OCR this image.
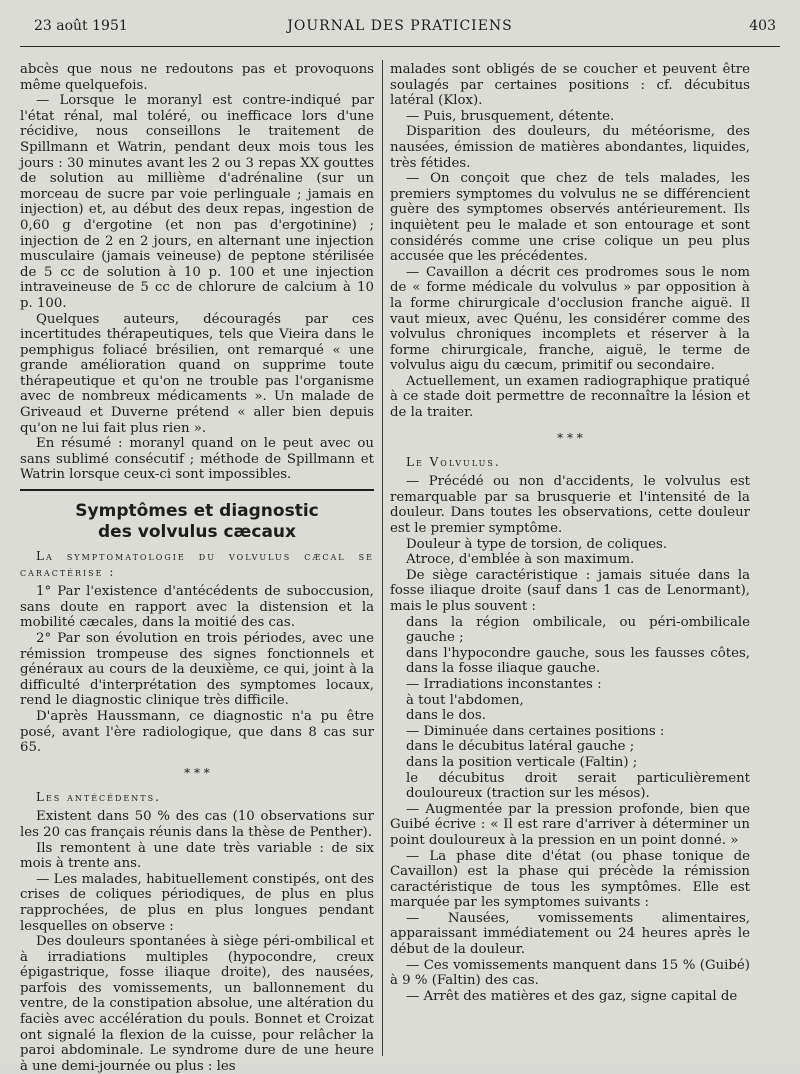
23 août 1951	JOURNAL DES PRATICIENS	403

abcès que nous ne redoutons pas et provoquons même quelquefois.

— Lorsque le moranyl est contre-indiqué par l'état rénal, mal toléré, ou inefficace lors d'une récidive, nous conseillons le traitement de Spillmann et Watrin, pendant deux mois tous les jours : 30 minutes avant les 2 ou 3 repas XX gouttes de solution au millième d'adrénaline (sur un morceau de sucre par voie perlinguale ; jamais en injection) et, au début des deux repas, ingestion de 0,60 g d'ergotine (et non pas d'ergotinine) ; injection de 2 en 2 jours, en alternant une injection musculaire (jamais veineuse) de peptone stérilisée de 5 cc de solution à 10 p. 100 et une injection intraveineuse de 5 cc de chlorure de calcium à 10 p. 100.

Quelques auteurs, découragés par ces incertitudes thérapeutiques, tels que Vieira dans le pemphigus foliacé brésilien, ont remarqué « une grande amélioration quand on supprime toute thérapeutique et qu'on ne trouble pas l'organisme avec de nombreux médicaments ». Un malade de Griveaud et Duverne prétend « aller bien depuis qu'on ne lui fait plus rien ».

En résumé : moranyl quand on le peut avec ou sans sublimé consécutif ; méthode de Spillmann et Watrin lorsque ceux-ci sont impossibles.

Symptômes et diagnostic
des volvulus cæcaux

La symptomatologie du volvulus cæcal se caractérise :

1° Par l'existence d'antécédents de suboccusion, sans doute en rapport avec la distension et la mobilité cæcales, dans la moitié des cas.

2° Par son évolution en trois périodes, avec une rémission trompeuse des signes fonctionnels et généraux au cours de la deuxième, ce qui, joint à la difficulté d'interprétation des symptomes locaux, rend le diagnostic clinique très difficile.

D'après Haussmann, ce diagnostic n'a pu être posé, avant l'ère radiologique, que dans 8 cas sur 65.

* * *

Les antécédents.

Existent dans 50 % des cas (10 observations sur les 20 cas français réunis dans la thèse de Penther).

Ils remontent à une date très variable : de six mois à trente ans.

— Les malades, habituellement constipés, ont des crises de coliques périodiques, de plus en plus rapprochées, de plus en plus longues pendant lesquelles on observe :

Des douleurs spontanées à siège péri-ombilical et à irradiations multiples (hypocondre, creux épigastrique, fosse iliaque droite), des nausées, parfois des vomissements, un ballonnement du ventre, de la constipation absolue, une altération du faciès avec accélération du pouls. Bonnet et Croizat ont signalé la flexion de la cuisse, pour relâcher la paroi abdominale. Le syndrome dure de une heure à une demi-journée ou plus : les

malades sont obligés de se coucher et peuvent être soulagés par certaines positions : cf. décubitus latéral (Klox).

— Puis, brusquement, détente.

Disparition des douleurs, du météorisme, des nausées, émission de matières abondantes, liquides, très fétides.

— On conçoit que chez de tels malades, les premiers symptomes du volvulus ne se différencient guère des symptomes observés antérieurement. Ils inquiètent peu le malade et son entourage et sont considérés comme une crise colique un peu plus accusée que les précédentes.

— Cavaillon a décrit ces prodromes sous le nom de « forme médicale du volvulus » par opposition à la forme chirurgicale d'occlusion franche aiguë. Il vaut mieux, avec Quénu, les considérer comme des volvulus chroniques incomplets et réserver à la forme chirurgicale, franche, aiguë, le terme de volvulus aigu du cæcum, primitif ou secondaire.

Actuellement, un examen radiographique pratiqué à ce stade doit permettre de reconnaître la lésion et de la traiter.

* * *

Le Volvulus.

— Précédé ou non d'accidents, le volvulus est remarquable par sa brusquerie et l'intensité de la douleur. Dans toutes les observations, cette douleur est le premier symptôme.

Douleur à type de torsion, de coliques.

Atroce, d'emblée à son maximum.

De siège caractéristique : jamais située dans la fosse iliaque droite (sauf dans 1 cas de Lenormant), mais le plus souvent :

dans la région ombilicale, ou péri-ombilicale gauche ;

dans l'hypocondre gauche, sous les fausses côtes, dans la fosse iliaque gauche.

— Irradiations inconstantes :

à tout l'abdomen,

dans le dos.

— Diminuée dans certaines positions :

dans le décubitus latéral gauche ;

dans la position verticale (Faltin) ;

le décubitus droit serait particulièrement douloureux (traction sur les mésos).

— Augmentée par la pression profonde, bien que Guibé écrive : « Il est rare d'arriver à déterminer un point douloureux à la pression en un point donné. »

— La phase dite d'état (ou phase tonique de Cavaillon) est la phase qui précède la rémission caractéristique de tous les symptômes. Elle est marquée par les symptomes suivants :

— Nausées, vomissements alimentaires, apparaissant immédiatement ou 24 heures après le début de la douleur.

— Ces vomissements manquent dans 15 % (Guibé) à 9 % (Faltin) des cas.

— Arrêt des matières et des gaz, signe capital de
